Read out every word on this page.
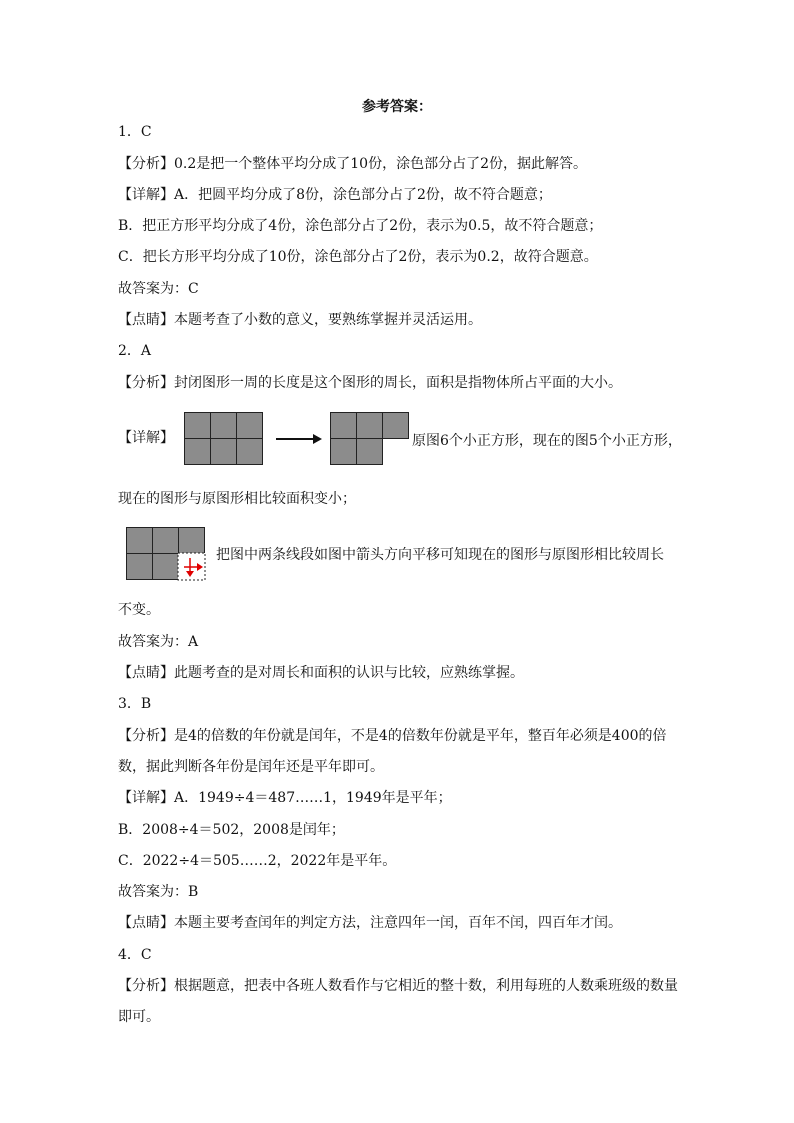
参考答案：
1．C
【分析】0.2是把一个整体平均分成了10份，涂色部分占了2份，据此解答。
【详解】A．把圆平均分成了8份，涂色部分占了2份，故不符合题意；
B．把正方形平均分成了4份，涂色部分占了2份，表示为0.5，故不符合题意；
C．把长方形平均分成了10份，涂色部分占了2份，表示为0.2，故符合题意。
故答案为：C
【点睛】本题考查了小数的意义，要熟练掌握并灵活运用。
2．A
【分析】封闭图形一周的长度是这个图形的周长，面积是指物体所占平面的大小。
【详解】	原图6个小正方形，现在的图5个小正方形，
现在的图形与原图形相比较面积变小；
把图中两条线段如图中箭头方向平移可知现在的图形与原图形相比较周长
不变。
故答案为：A
【点睛】此题考查的是对周长和面积的认识与比较，应熟练掌握。
3．B
【分析】是4的倍数的年份就是闰年，不是4的倍数年份就是平年，整百年必须是400的倍
数，据此判断各年份是闰年还是平年即可。
【详解】A．1949÷4＝487……1，1949年是平年；
B．2008÷4＝502，2008是闰年；
C．2022÷4＝505……2，2022年是平年。
故答案为：B
【点睛】本题主要考查闰年的判定方法，注意四年一闰，百年不闰，四百年才闰。
4．C
【分析】根据题意，把表中各班人数看作与它相近的整十数，利用每班的人数乘班级的数量
即可。
